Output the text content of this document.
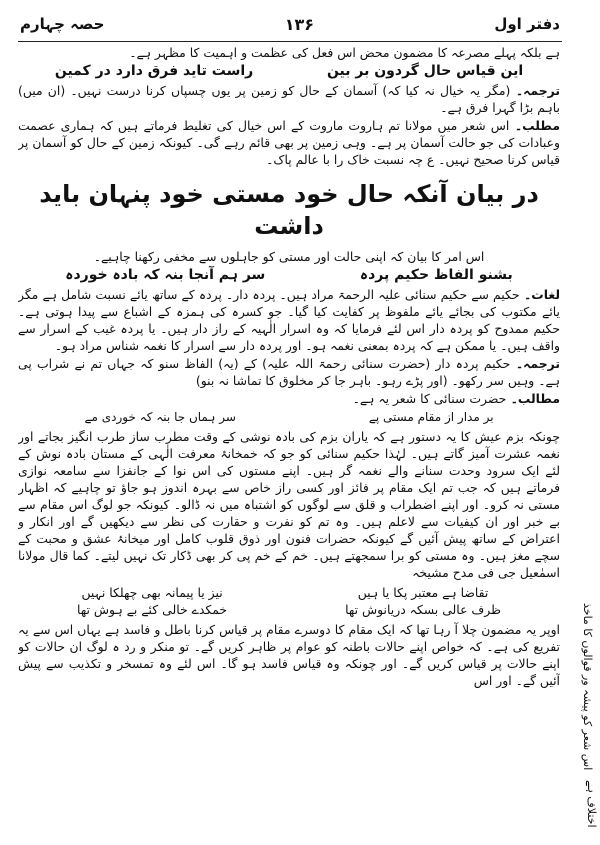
دفتر اول
۱۳۶
حصہ چہارم

ہے بلکہ پہلے مصرعہ کا مضمون محض اس فعل کی عظمت و اہمیت کا مظہر ہے۔

این قیاس حال گردون بر بین
راست تاید فرق دارد در کمین

ترجمہ۔ (مگر یہ خیال نہ کیا کہ) آسمان کے حال کو زمین پر یوں چسپاں کرنا درست نہیں۔ (ان میں) باہم بڑا گہرا فرق ہے۔

مطلب۔ اس شعر میں مولانا تم ہاروت ماروت کے اس خیال کی تغلیط فرماتے ہیں کہ ہماری عصمت وعبادات کی جو حالت آسمان پر ہے۔ وہی زمین پر بھی قائم رہے گی۔ کیونکہ زمین کے حال کو آسمان پر قیاس کرنا صحیح نہیں۔ ع چہ نسبت خاک را با عالم پاک۔

در بیان آنکہ حال خود مستی خود پنہان باید داشت
اس امر کا بیان کہ اپنی حالت اور مستی کو جاہلوں سے مخفی رکھنا چاہیے۔
بشنو الفاظ حکیم پردہ
سر ہم آنجا بنہ کہ بادہ خوردہ

لغات۔ حکیم سے حکیم سنائی علیہ الرحمۃ مراد ہیں۔ پردہ دار۔ پردہ کے ساتھ یائے نسبت شامل ہے مگر یائے مکتوب کی بجائے یائے ملفوظ پر کفایت کیا گیا۔ جو کسرہ کی ہمزہ کے اشباع سے پیدا ہوتی ہے۔ حکیم ممدوح کو پردہ دار اس لئے فرمایا کہ وہ اسرار الٰہیہ کے راز دار ہیں۔ یا پردہ غیب کے اسرار سے واقف ہیں۔ یا ممکن ہے کہ پردہ بمعنی نغمہ ہو۔ اور پردہ دار سے اسرار کا نغمہ شناس مراد ہو۔

ترجمہ۔ حکیم پردہ دار (حضرت سنائی رحمۃ اللہ علیہ) کے (یہ) الفاظ سنو کہ جہاں تم نے شراب پی ہے۔ وہیں سر رکھو۔ (اور پڑے رہو۔ باہر جا کر مخلوق کا تماشا نہ بنو)

مطالب۔ حضرت سنائی کا شعر یہ ہے۔

بر مدار از مقام مستی پے
سر ہماں جا بنہ کہ خوردی مے

چونکہ بزم عیش کا یہ دستور ہے کہ یاران بزم کی بادہ نوشی کے وقت مطرب ساز طرب انگیز بجاتے اور نغمہ عشرت آمیز گاتے ہیں۔ لہٰذا حکیم سنائی کو جو کہ خمخانۂ معرفت الٰہی کے مستان بادہ نوش کے لئے ایک سرود وحدت سنانے والے نغمہ گر ہیں۔ اپنے مستوں کی اس نوا کے جانفزا سے سامعہ نوازی فرماتے ہیں کہ جب تم ایک مقام پر فائز اور کسی راز خاص سے بہرہ اندوز ہو جاؤ تو چاہیے کہ اظہار مستی نہ کرو۔ اور اپنے اضطراب و قلق سے لوگوں کو اشتباہ میں نہ ڈالو۔ کیونکہ جو لوگ اس مقام سے بے خبر اور ان کیفیات سے لاعلم ہیں۔ وہ تم کو نفرت و حقارت کی نظر سے دیکھیں گے اور انکار و اعتراض کے ساتھ پیش آئیں گے کیونکہ حضرات فنون اور ذوق قلوب کامل اور میخانۂ عشق و محبت کے سچے مغز ہیں۔ وہ مستی کو برا سمجھتے ہیں۔ خم کے خم پی کر بھی ڈکار تک نہیں لیتے۔ کما قال مولانا اسمٰعیل جی فی مدح مشیخہ

تقاضا ہے معتبر پکا یا ہیں
ظرف عالی بسکہ دریانوش تھا
نیز یا پیمانہ بھی چھلکا نہیں
خمکدے خالی کئے بے ہوش تھا

اوپر یہ مضمون چلا آ رہا تھا کہ ایک مقام کا دوسرے مقام پر قیاس کرنا باطل و فاسد ہے یہاں اس سے یہ تفریع کی ہے۔ کہ خواص اپنے حالات باطنہ کو عوام پر ظاہر کریں گے۔ تو منکر و رد ہ لوگ ان حالات کو اپنے حالات پر قیاس کریں گے۔ اور چونکہ وہ قیاس فاسد ہو گا۔ اس لئے وہ تمسخر و تکذیب سے پیش آئیں گے۔ اور اس	اس شعر کو پیشہ ور قوالوں کا ماخذ
اختلاف ہے
